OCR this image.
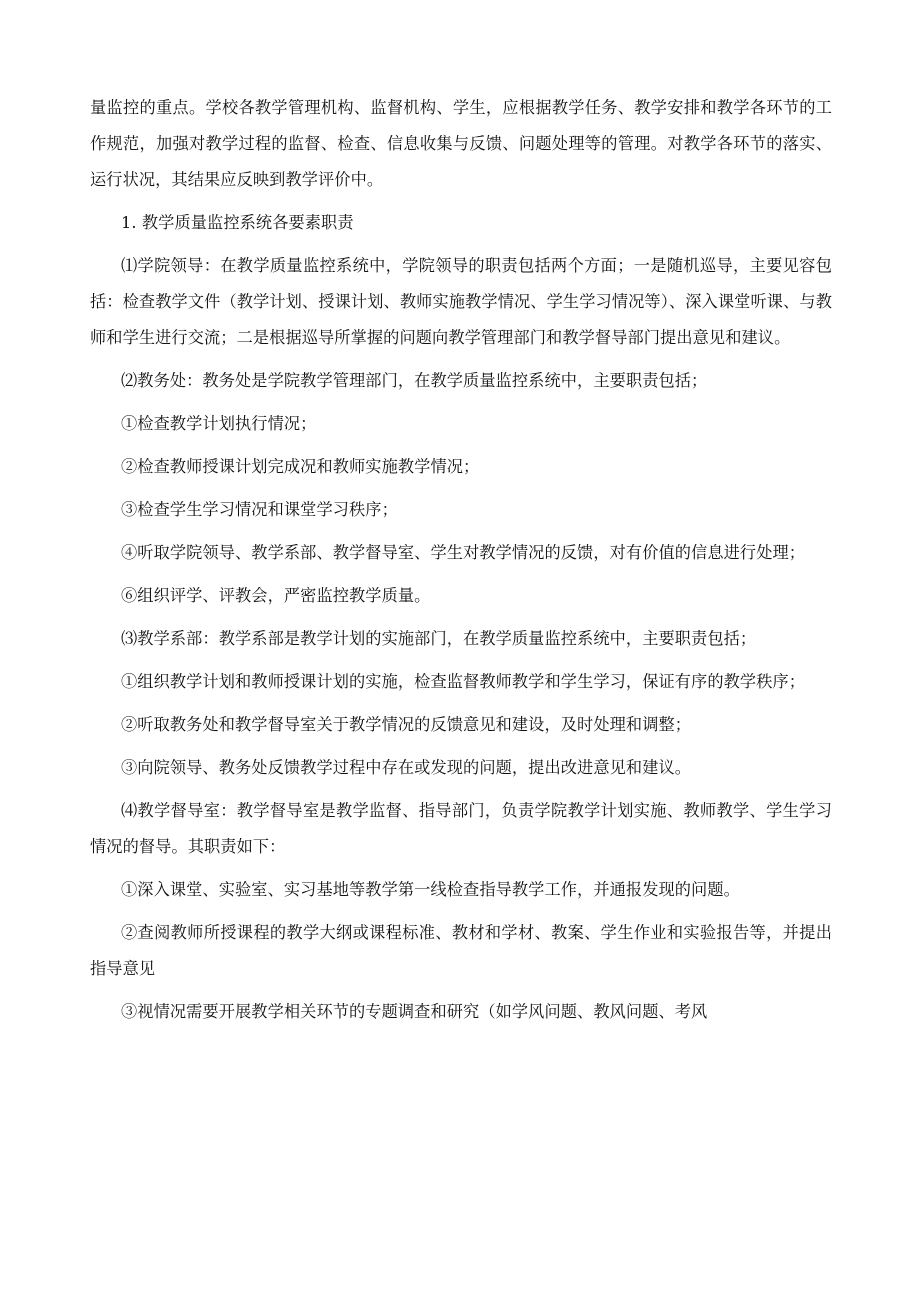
量监控的重点。学校各教学管理机构、监督机构、学生，应根据教学任务、教学安排和教学各环节的工作规范，加强对教学过程的监督、检查、信息收集与反馈、问题处理等的管理。对教学各环节的落实、运行状况，其结果应反映到教学评价中。

1. 教学质量监控系统各要素职责

⑴学院领导：在教学质量监控系统中，学院领导的职责包括两个方面；一是随机巡导，主要见容包括：检查教学文件（教学计划、授课计划、教师实施教学情况、学生学习情况等）、深入课堂听课、与教师和学生进行交流；二是根据巡导所掌握的问题向教学管理部门和教学督导部门提出意见和建议。

⑵教务处：教务处是学院教学管理部门，在教学质量监控系统中，主要职责包括；

①检查教学计划执行情况；

②检查教师授课计划完成况和教师实施教学情况；

③检查学生学习情况和课堂学习秩序；

④听取学院领导、教学系部、教学督导室、学生对教学情况的反馈，对有价值的信息进行处理；

⑥组织评学、评教会，严密监控教学质量。

⑶教学系部：教学系部是教学计划的实施部门，在教学质量监控系统中，主要职责包括；

①组织教学计划和教师授课计划的实施，检查监督教师教学和学生学习，保证有序的教学秩序；

②听取教务处和教学督导室关于教学情况的反馈意见和建设，及时处理和调整；

③向院领导、教务处反馈教学过程中存在或发现的问题，提出改进意见和建议。

⑷教学督导室：教学督导室是教学监督、指导部门，负责学院教学计划实施、教师教学、学生学习情况的督导。其职责如下：

①深入课堂、实验室、实习基地等教学第一线检查指导教学工作，并通报发现的问题。

②查阅教师所授课程的教学大纲或课程标准、教材和学材、教案、学生作业和实验报告等，并提出指导意见

③视情况需要开展教学相关环节的专题调查和研究（如学风问题、教风问题、考风
